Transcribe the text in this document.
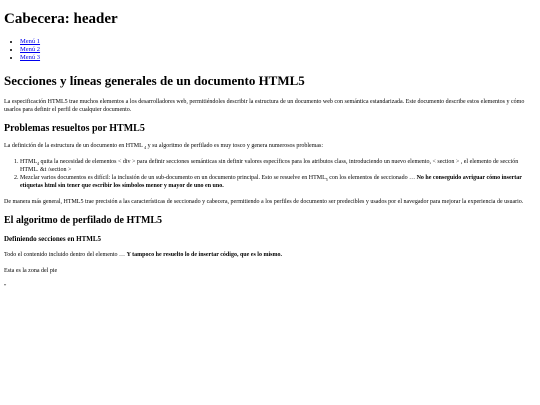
Cabecera: header
• Menú 1
• Menú 2
• Menú 3
Secciones y líneas generales de un documento HTML5

La especificación HTML5 trae muchos elementos a los desarrolladores web, permitiéndoles describir la estructura de un documento web con semántica estandarizada. Este documento describe estos elementos y cómo usarlos para definir el perfil de cualquier documento.

Problemas resueltos por HTML5

La definición de la estructura de un documento en HTML $_4$ y su algoritmo de perfilado es muy tosco y genera numerosos problemas:

1. $HTML_4$ quita la necesidad de elementos < div > para definir secciones semánticas sin definir valores específicos para los atributos class, introduciendo un nuevo elemento, < section > , el elemento de sección HTML. &t /section >
2. Mezclar varios documentos es difícil: la inclusión de un sub-documento en un documento principal. Esto se resuelve en $HTML_5$ con los elementos de seccionado … No he conseguido avriguar cómo insertar etiquetas html sin tener que escribir los símbolos menor y mayor de uno en uno.

De manera más general, HTML5 trae precisión a las características de seccionado y cabecera, permitiendo a los perfiles de documento ser predecibles y usados por el navegador para mejorar la experiencia de usuario.

El algoritmo de perfilado de HTML5
Definiendo secciones en HTML5

Todo el contenido incluido dentro del elemento … Y tampoco he resuelto lo de insertar código, que es lo mismo.

Esta es la zona del pie

"
